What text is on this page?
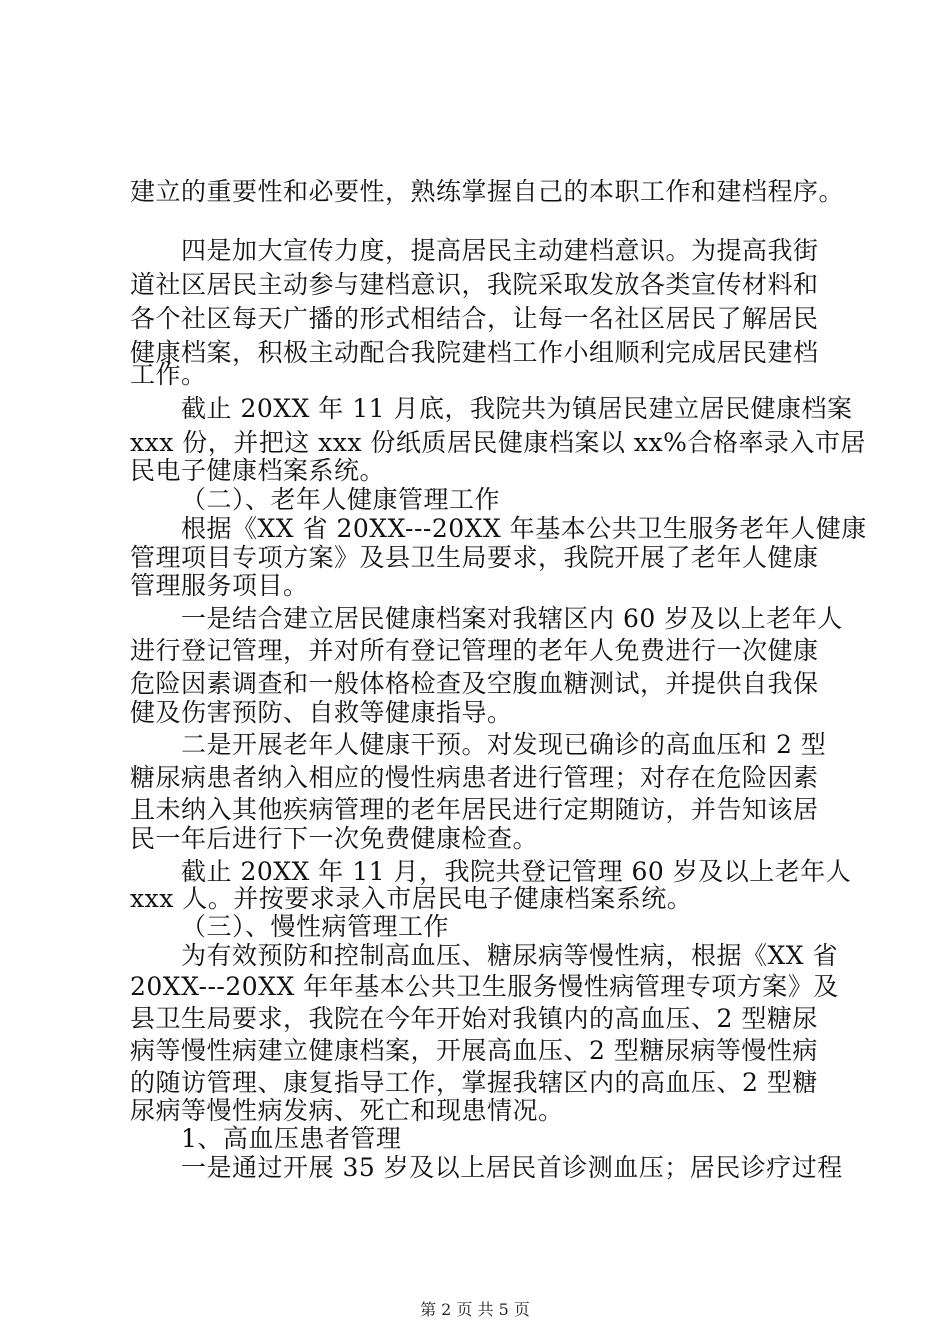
建立的重要性和必要性，熟练掌握自己的本职工作和建档程序。
四是加大宣传力度，提高居民主动建档意识。为提高我街
道社区居民主动参与建档意识，我院采取发放各类宣传材料和
各个社区每天广播的形式相结合，让每一名社区居民了解居民
健康档案，积极主动配合我院建档工作小组顺利完成居民建档
工作。
截止 20XX 年 11 月底，我院共为镇居民建立居民健康档案
xxx 份，并把这 xxx 份纸质居民健康档案以 xx%合格率录入市居
民电子健康档案系统。
（二）、老年人健康管理工作
根据《XX 省 20XX---20XX 年基本公共卫生服务老年人健康
管理项目专项方案》及县卫生局要求，我院开展了老年人健康
管理服务项目。
一是结合建立居民健康档案对我辖区内 60 岁及以上老年人
进行登记管理，并对所有登记管理的老年人免费进行一次健康
危险因素调查和一般体格检查及空腹血糖测试，并提供自我保
健及伤害预防、自救等健康指导。
二是开展老年人健康干预。对发现已确诊的高血压和 2 型
糖尿病患者纳入相应的慢性病患者进行管理；对存在危险因素
且未纳入其他疾病管理的老年居民进行定期随访，并告知该居
民一年后进行下一次免费健康检查。
截止 20XX 年 11 月，我院共登记管理 60 岁及以上老年人
xxx 人。并按要求录入市居民电子健康档案系统。
（三）、慢性病管理工作
为有效预防和控制高血压、糖尿病等慢性病，根据《XX 省
20XX---20XX 年年基本公共卫生服务慢性病管理专项方案》及
县卫生局要求，我院在今年开始对我镇内的高血压、2 型糖尿
病等慢性病建立健康档案，开展高血压、2 型糖尿病等慢性病
的随访管理、康复指导工作，掌握我辖区内的高血压、2 型糖
尿病等慢性病发病、死亡和现患情况。
1、高血压患者管理
一是通过开展 35 岁及以上居民首诊测血压；居民诊疗过程
第 2 页 共 5 页
